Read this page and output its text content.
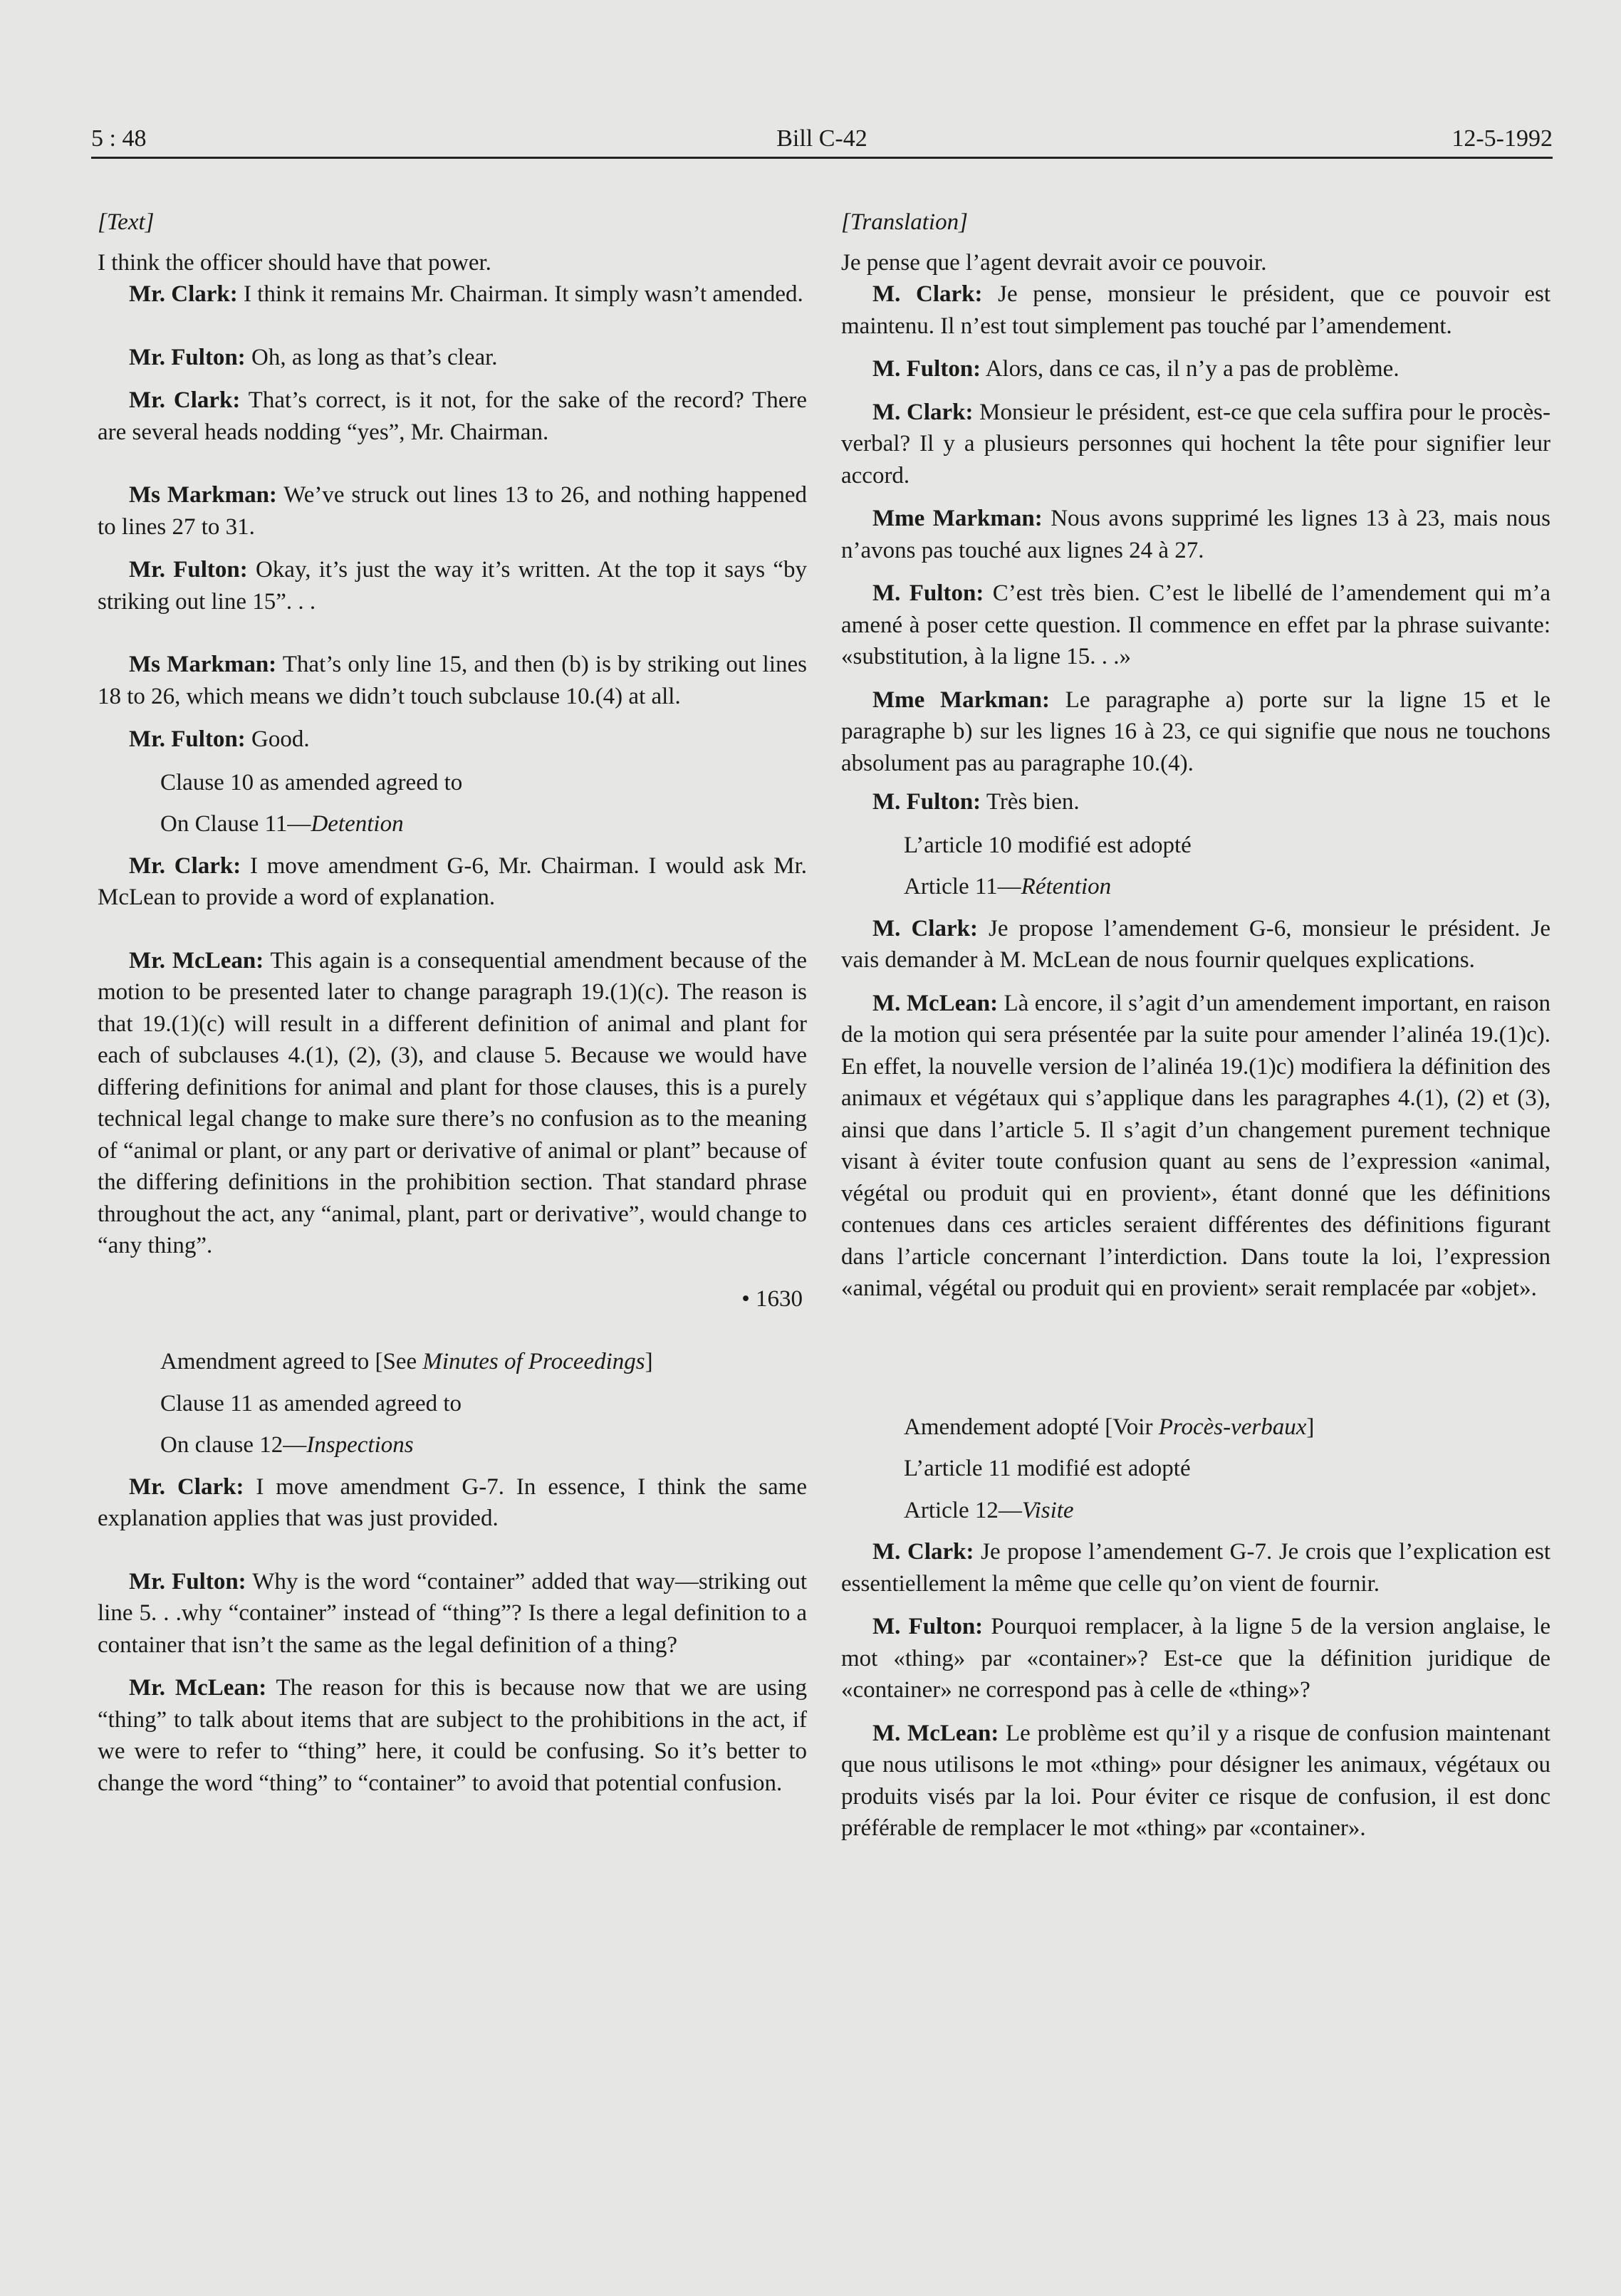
5 : 48	Bill C-42	12-5-1992

[Text]

I think the officer should have that power.

Mr. Clark: I think it remains Mr. Chairman. It simply wasn’t amended.

Mr. Fulton: Oh, as long as that’s clear.

Mr. Clark: That’s correct, is it not, for the sake of the record? There are several heads nodding “yes”, Mr. Chairman.

Ms Markman: We’ve struck out lines 13 to 26, and nothing happened to lines 27 to 31.

Mr. Fulton: Okay, it’s just the way it’s written. At the top it says “by striking out line 15”. . .

Ms Markman: That’s only line 15, and then (b) is by striking out lines 18 to 26, which means we didn’t touch subclause 10.(4) at all.

Mr. Fulton: Good.

Clause 10 as amended agreed to

On Clause 11—Detention

Mr. Clark: I move amendment G-6, Mr. Chairman. I would ask Mr. McLean to provide a word of explanation.

Mr. McLean: This again is a consequential amendment because of the motion to be presented later to change paragraph 19.(1)(c). The reason is that 19.(1)(c) will result in a different definition of animal and plant for each of subclauses 4.(1), (2), (3), and clause 5. Because we would have differing definitions for animal and plant for those clauses, this is a purely technical legal change to make sure there’s no confusion as to the meaning of “animal or plant, or any part or derivative of animal or plant” because of the differing definitions in the prohibition section. That standard phrase throughout the act, any “animal, plant, part or derivative”, would change to “any thing”.

• 1630

Amendment agreed to [See Minutes of Proceedings]

Clause 11 as amended agreed to

On clause 12—Inspections

Mr. Clark: I move amendment G-7. In essence, I think the same explanation applies that was just provided.

Mr. Fulton: Why is the word “container” added that way—striking out line 5. . .why “container” instead of “thing”? Is there a legal definition to a container that isn’t the same as the legal definition of a thing?

Mr. McLean: The reason for this is because now that we are using “thing” to talk about items that are subject to the prohibitions in the act, if we were to refer to “thing” here, it could be confusing. So it’s better to change the word “thing” to “container” to avoid that potential confusion.

[Translation]

Je pense que l’agent devrait avoir ce pouvoir.

M. Clark: Je pense, monsieur le président, que ce pouvoir est maintenu. Il n’est tout simplement pas touché par l’amendement.

M. Fulton: Alors, dans ce cas, il n’y a pas de problème.

M. Clark: Monsieur le président, est-ce que cela suffira pour le procès-verbal? Il y a plusieurs personnes qui hochent la tête pour signifier leur accord.

Mme Markman: Nous avons supprimé les lignes 13 à 23, mais nous n’avons pas touché aux lignes 24 à 27.

M. Fulton: C’est très bien. C’est le libellé de l’amendement qui m’a amené à poser cette question. Il commence en effet par la phrase suivante: «substitution, à la ligne 15. . .»

Mme Markman: Le paragraphe a) porte sur la ligne 15 et le paragraphe b) sur les lignes 16 à 23, ce qui signifie que nous ne touchons absolument pas au paragraphe 10.(4).

M. Fulton: Très bien.

L’article 10 modifié est adopté

Article 11—Rétention

M. Clark: Je propose l’amendement G-6, monsieur le président. Je vais demander à M. McLean de nous fournir quelques explications.

M. McLean: Là encore, il s’agit d’un amendement important, en raison de la motion qui sera présentée par la suite pour amender l’alinéa 19.(1)c). En effet, la nouvelle version de l’alinéa 19.(1)c) modifiera la définition des animaux et végétaux qui s’applique dans les paragraphes 4.(1), (2) et (3), ainsi que dans l’article 5. Il s’agit d’un changement purement technique visant à éviter toute confusion quant au sens de l’expression «animal, végétal ou produit qui en provient», étant donné que les définitions contenues dans ces articles seraient différentes des définitions figurant dans l’article concernant l’interdiction. Dans toute la loi, l’expression «animal, végétal ou produit qui en provient» serait remplacée par «objet».

Amendement adopté [Voir Procès-verbaux]

L’article 11 modifié est adopté

Article 12—Visite

M. Clark: Je propose l’amendement G-7. Je crois que l’explication est essentiellement la même que celle qu’on vient de fournir.

M. Fulton: Pourquoi remplacer, à la ligne 5 de la version anglaise, le mot «thing» par «container»? Est-ce que la définition juridique de «container» ne correspond pas à celle de «thing»?

M. McLean: Le problème est qu’il y a risque de confusion maintenant que nous utilisons le mot «thing» pour désigner les animaux, végétaux ou produits visés par la loi. Pour éviter ce risque de confusion, il est donc préférable de remplacer le mot «thing» par «container».
